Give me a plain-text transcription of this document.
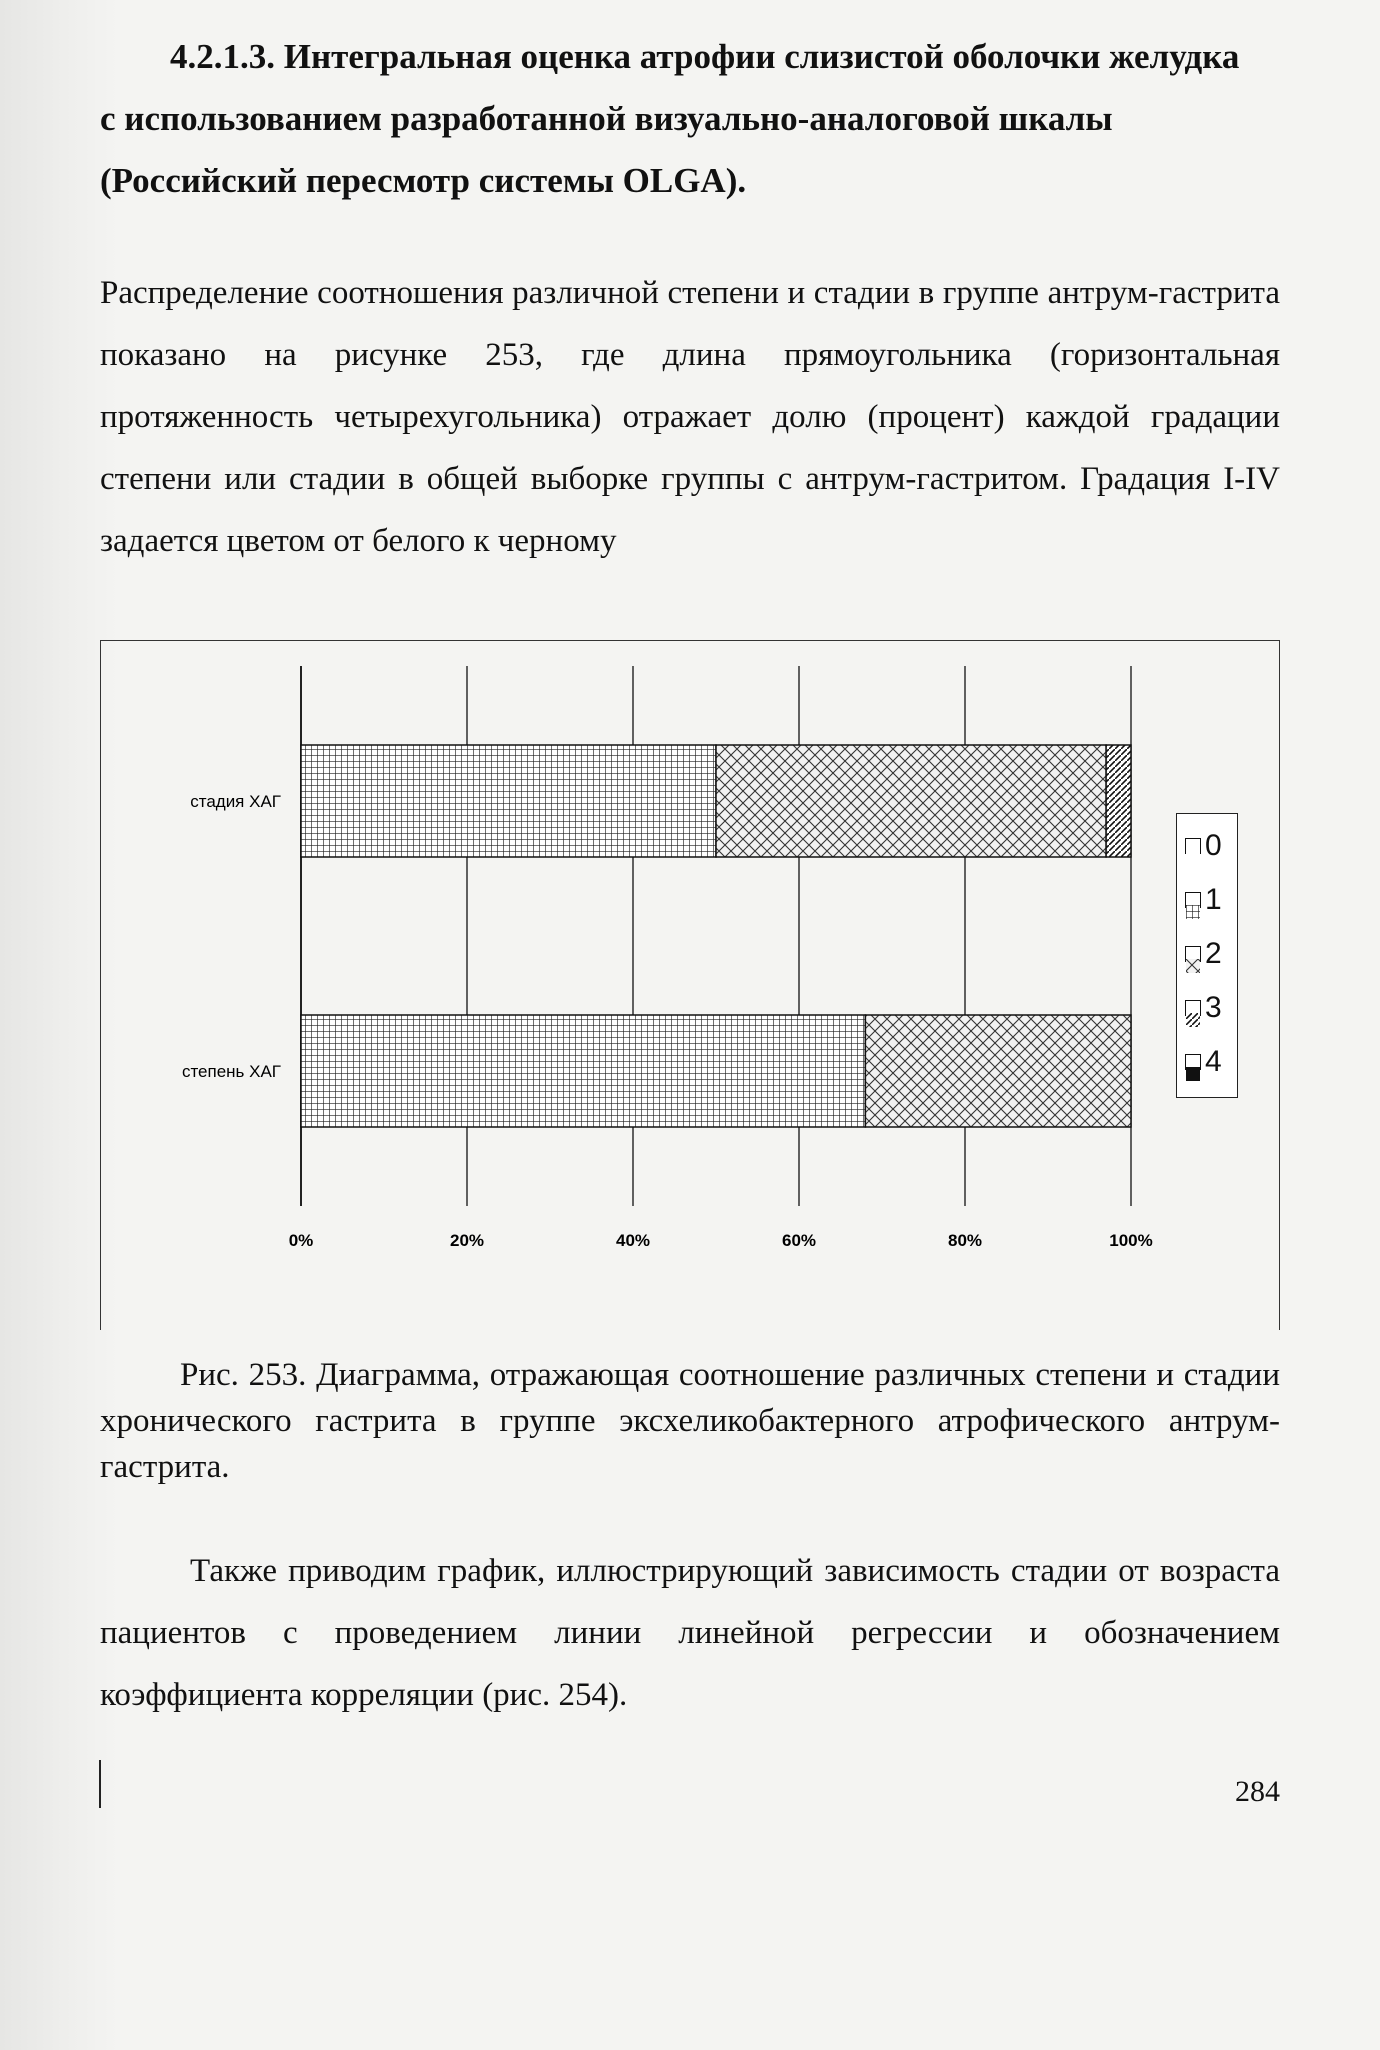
4.2.1.3. Интегральная оценка атрофии слизистой оболочки желудка
с использованием разработанной визуально-аналоговой шкалы
(Российский пересмотр системы OLGA).
Распределение соотношения различной степени и стадии в группе антрум-гастрита показано на рисунке 253, где длина прямоугольника (горизонтальная протяженность четырехугольника) отражает долю (процент) каждой градации степени или стадии в общей выборке группы с антрум-гастритом. Градация I-IV задается цветом от белого к черному
0%	20%	40%	60%	80%	100%
стадия ХАГ
степень ХАГ
0
1
2
3
4
Рис. 253. Диаграмма, отражающая соотношение различных степени и стадии хронического гастрита в группе эксхеликобактерного атрофического антрум-гастрита.
Также приводим график, иллюстрирующий зависимость стадии от возраста пациентов с проведением линии линейной регрессии и обозначением коэффициента корреляции (рис. 254).
284
